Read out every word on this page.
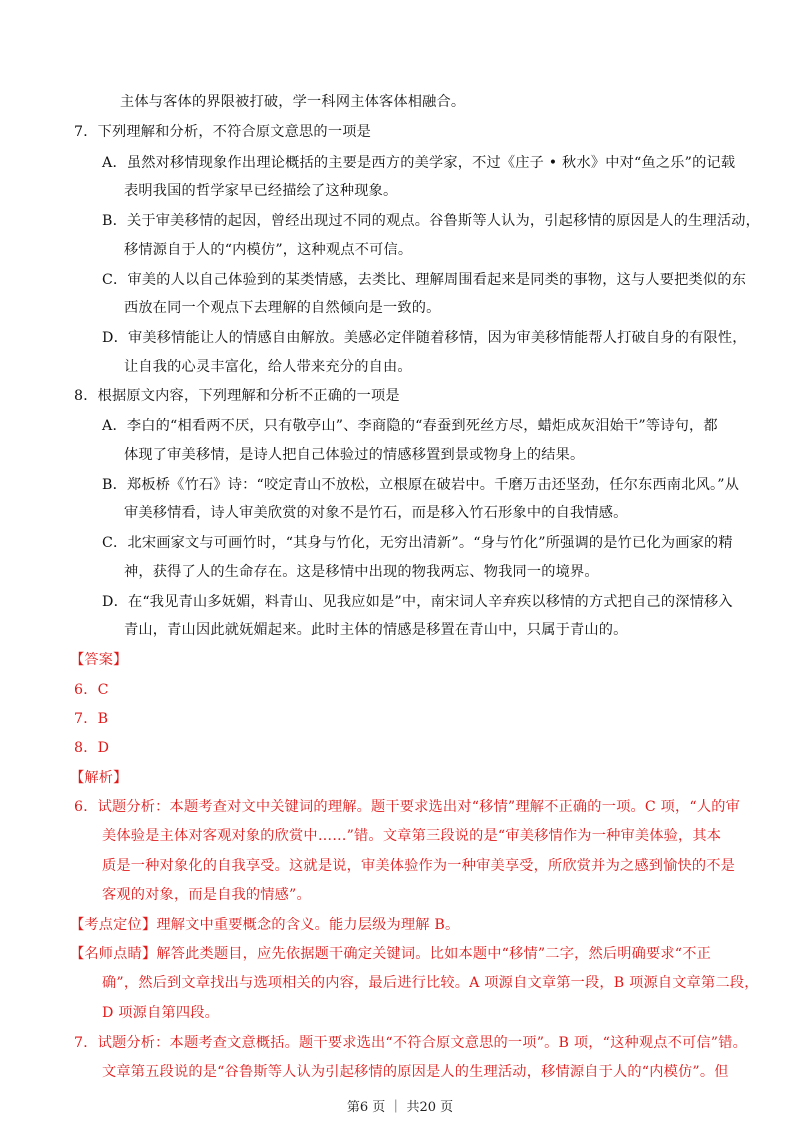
主体与客体的界限被打破，学一科网主体客体相融合。
7．下列理解和分析，不符合原文意思的一项是
A．虽然对移情现象作出理论概括的主要是西方的美学家，不过《庄子 • 秋水》中对“鱼之乐”的记载
表明我国的哲学家早已经描绘了这种现象。
B．关于审美移情的起因，曾经出现过不同的观点。谷鲁斯等人认为，引起移情的原因是人的生理活动，
移情源自于人的“内模仿”，这种观点不可信。
C．审美的人以自己体验到的某类情感，去类比、理解周围看起来是同类的事物，这与人要把类似的东
西放在同一个观点下去理解的自然倾向是一致的。
D．审美移情能让人的情感自由解放。美感必定伴随着移情，因为审美移情能帮人打破自身的有限性，
让自我的心灵丰富化，给人带来充分的自由。
8．根据原文内容，下列理解和分析不正确的一项是
A．李白的“相看两不厌，只有敬亭山”、李商隐的“春蚕到死丝方尽，蜡炬成灰泪始干”等诗句，都
体现了审美移情，是诗人把自己体验过的情感移置到景或物身上的结果。
B．郑板桥《竹石》诗：“咬定青山不放松，立根原在破岩中。千磨万击还坚劲，任尔东西南北风。”从
审美移情看，诗人审美欣赏的对象不是竹石，而是移入竹石形象中的自我情感。
C．北宋画家文与可画竹时，“其身与竹化，无穷出清新”。“身与竹化”所强调的是竹已化为画家的精
神，获得了人的生命存在。这是移情中出现的物我两忘、物我同一的境界。
D．在“我见青山多妩媚，料青山、见我应如是”中，南宋词人辛弃疾以移情的方式把自己的深情移入
青山，青山因此就妩媚起来。此时主体的情感是移置在青山中，只属于青山的。
【答案】
6．C
7．B
8．D
【解析】
6．试题分析：本题考查对文中关键词的理解。题干要求选出对“移情”理解不正确的一项。C 项，“人的审
美体验是主体对客观对象的欣赏中……”错。文章第三段说的是“审美移情作为一种审美体验，其本
质是一种对象化的自我享受。这就是说，审美体验作为一种审美享受，所欣赏并为之感到愉快的不是
客观的对象，而是自我的情感”。
【考点定位】理解文中重要概念的含义。能力层级为理解 B。
【名师点睛】解答此类题目，应先依据题干确定关键词。比如本题中“移情”二字，然后明确要求“不正
确”，然后到文章找出与选项相关的内容，最后进行比较。A 项源自文章第一段，B 项源自文章第二段，
D 项源自第四段。
7．试题分析：本题考查文意概括。题干要求选出“不符合原文意思的一项”。B 项，“这种观点不可信”错。
文章第五段说的是“谷鲁斯等人认为引起移情的原因是人的生理活动，移情源自于人的“内模仿”。但
第6 页 ｜ 共20 页
